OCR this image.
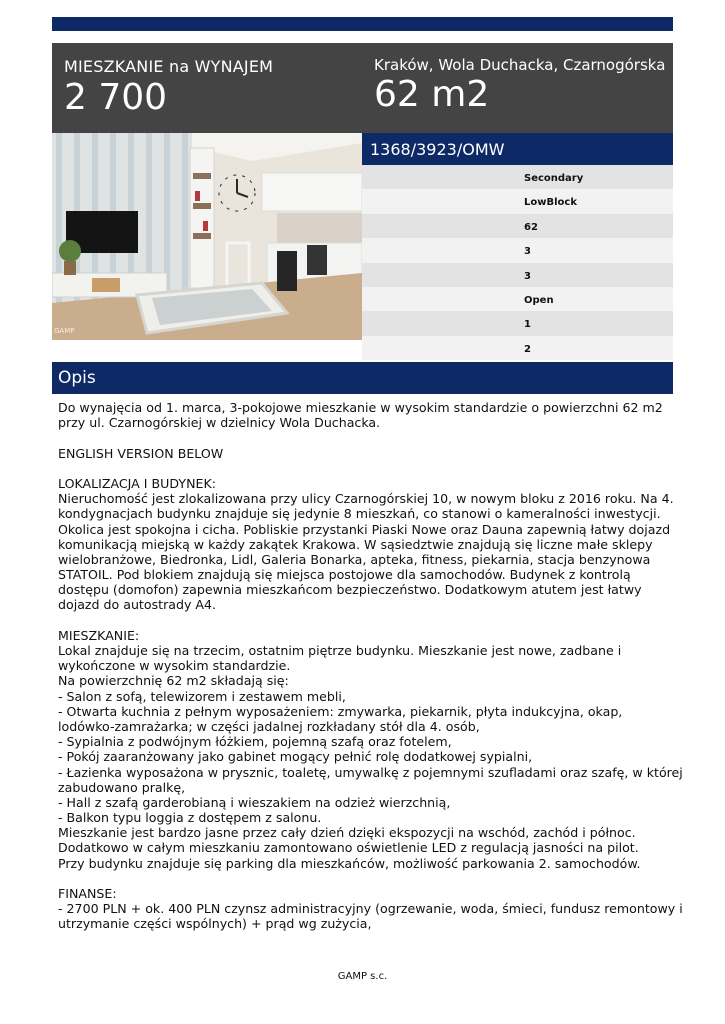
MIESZKANIE na WYNAJEM
2 700
Kraków, Wola Duchacka, Czarnogórska
62 m2
GAMP
1368/3923/OMW
Secondary
LowBlock
62
3
3
Open
1
2
Opis
Do wynajęcia od 1. marca, 3-pokojowe mieszkanie w wysokim standardzie o powierzchni 62 m2
przy ul. Czarnogórskiej w dzielnicy Wola Duchacka.
ENGLISH VERSION BELOW
LOKALIZACJA I BUDYNEK:
Nieruchomość jest zlokalizowana przy ulicy Czarnogórskiej 10, w nowym bloku z 2016 roku. Na 4.
kondygnacjach budynku znajduje się jedynie 8 mieszkań, co stanowi o kameralności inwestycji.
Okolica jest spokojna i cicha. Pobliskie przystanki Piaski Nowe oraz Dauna zapewnią łatwy dojazd
komunikacją miejską w każdy zakątek Krakowa. W sąsiedztwie znajdują się liczne małe sklepy
wielobranżowe, Biedronka, Lidl, Galeria Bonarka, apteka, fitness, piekarnia, stacja benzynowa
STATOIL. Pod blokiem znajdują się miejsca postojowe dla samochodów. Budynek z kontrolą
dostępu (domofon) zapewnia mieszkańcom bezpieczeństwo. Dodatkowym atutem jest łatwy
dojazd do autostrady A4.
MIESZKANIE:
Lokal znajduje się na trzecim, ostatnim piętrze budynku. Mieszkanie jest nowe, zadbane i
wykończone w wysokim standardzie.
Na powierzchnię 62 m2 składają się:
- Salon z sofą, telewizorem i zestawem mebli,
- Otwarta kuchnia z pełnym wyposażeniem: zmywarka, piekarnik, płyta indukcyjna, okap,
lodówko-zamrażarka; w części jadalnej rozkładany stół dla 4. osób,
- Sypialnia z podwójnym łóżkiem, pojemną szafą oraz fotelem,
- Pokój zaaranżowany jako gabinet mogący pełnić rolę dodatkowej sypialni,
- Łazienka wyposażona w prysznic, toaletę, umywalkę z pojemnymi szufladami oraz szafę, w której
zabudowano pralkę,
- Hall z szafą garderobianą i wieszakiem na odzież wierzchnią,
- Balkon typu loggia z dostępem z salonu.
Mieszkanie jest bardzo jasne przez cały dzień dzięki ekspozycji na wschód, zachód i północ.
Dodatkowo w całym mieszkaniu zamontowano oświetlenie LED z regulacją jasności na pilot.
Przy budynku znajduje się parking dla mieszkańców, możliwość parkowania 2. samochodów.
FINANSE:
- 2700 PLN + ok. 400 PLN czynsz administracyjny (ogrzewanie, woda, śmieci, fundusz remontowy i
utrzymanie części wspólnych) + prąd wg zużycia,
GAMP s.c.
